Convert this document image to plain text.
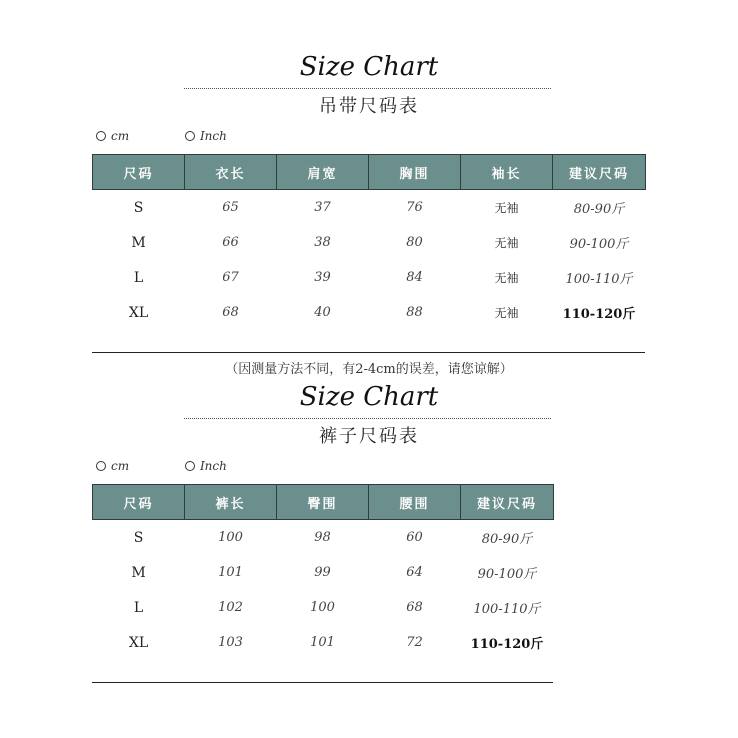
Size Chart
吊带尺码表
cm
	Inch
尺码	衣长	肩宽	胸围	袖长	建议尺码
S	65	37	76	无袖	80-90斤
M	66	38	80	无袖	90-100斤
L	67	39	84	无袖	100-110斤
XL	68	40	88	无袖	110-120斤
（因测量方法不同，有2-4cm的误差，请您谅解）
Size Chart
裤子尺码表
cm
	Inch
尺码	裤长	臀围	腰围	建议尺码
S	100	98	60	80-90斤
M	101	99	64	90-100斤
L	102	100	68	100-110斤
XL	103	101	72	110-120斤
